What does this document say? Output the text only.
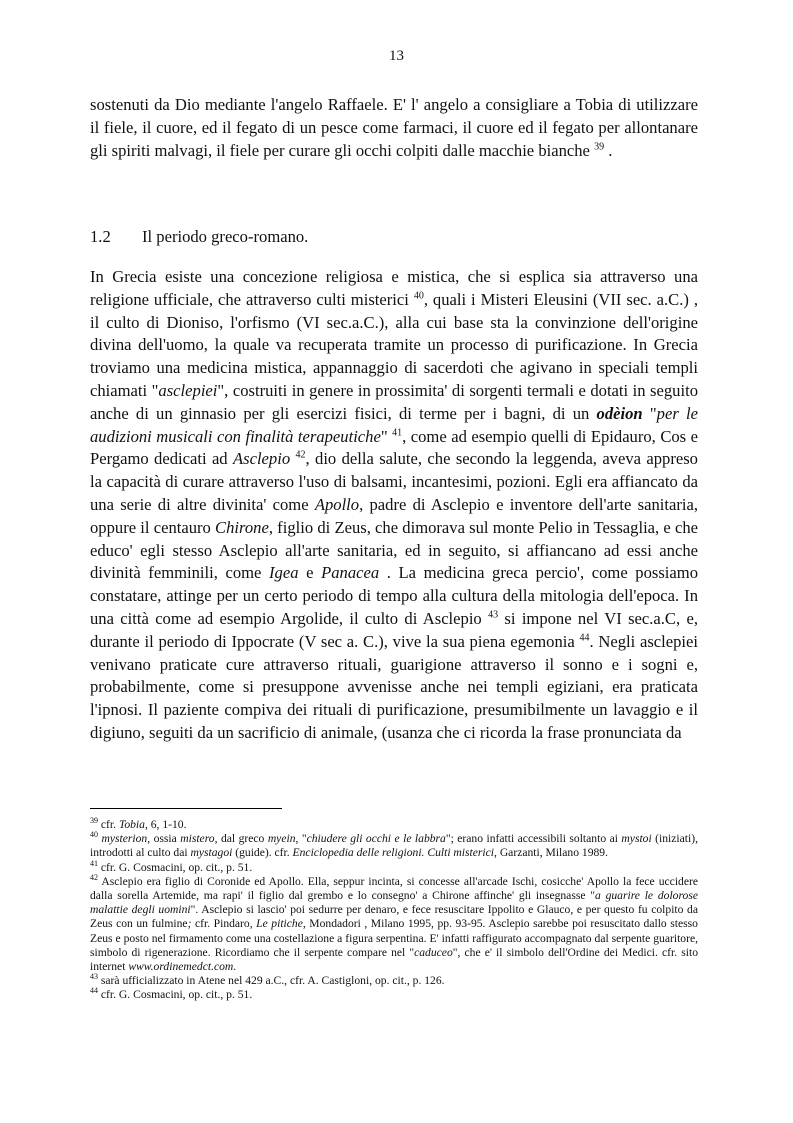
13
sostenuti da Dio mediante l'angelo Raffaele. E' l' angelo a consigliare a Tobia di utilizzare il fiele, il cuore, ed il fegato di un pesce come farmaci, il cuore ed il fegato per allontanare gli spiriti malvagi, il fiele per curare gli occhi colpiti dalle macchie bianche $^{39}$ .
1.2 Il periodo greco-romano.
In Grecia esiste una concezione religiosa e mistica, che si esplica sia attraverso una religione ufficiale, che attraverso culti misterici $^{40}$, quali i Misteri Eleusini (VII sec. a.C.) , il culto di Dioniso, l'orfismo (VI sec.a.C.), alla cui base sta la convinzione dell'origine divina dell'uomo, la quale va recuperata tramite un processo di purificazione. In Grecia troviamo una medicina mistica, appannaggio di sacerdoti che agivano in speciali templi chiamati "asclepiei", costruiti in genere in prossimita' di sorgenti termali e dotati in seguito anche di un ginnasio per gli esercizi fisici, di terme per i bagni, di un odèion "per le audizioni musicali con finalità terapeutiche" $^{41}$, come ad esempio quelli di Epidauro, Cos e Pergamo dedicati ad Asclepio $^{42}$, dio della salute, che secondo la leggenda, aveva appreso la capacità di curare attraverso l'uso di balsami, incantesimi, pozioni. Egli era affiancato da una serie di altre divinita' come Apollo, padre di Asclepio e inventore dell'arte sanitaria, oppure il centauro Chirone, figlio di Zeus, che dimorava sul monte Pelio in Tessaglia, e che educo' egli stesso Asclepio all'arte sanitaria, ed in seguito, si affiancano ad essi anche divinità femminili, come Igea e Panacea . La medicina greca percio', come possiamo constatare, attinge per un certo periodo di tempo alla cultura della mitologia dell'epoca. In una città come ad esempio Argolide, il culto di Asclepio $^{43}$ si impone nel VI sec.a.C, e, durante il periodo di Ippocrate (V sec a. C.), vive la sua piena egemonia $^{44}$. Negli asclepiei venivano praticate cure attraverso rituali, guarigione attraverso il sonno e i sogni e, probabilmente, come si presuppone avvenisse anche nei templi egiziani, era praticata l'ipnosi. Il paziente compiva dei rituali di purificazione, presumibilmente un lavaggio e il digiuno, seguiti da un sacrificio di animale, (usanza che ci ricorda la frase pronunciata da

$^{39}$ cfr. Tobia, 6, 1-10.

$^{40}$ mysterion, ossia mistero, dal greco myein, "chiudere gli occhi e le labbra"; erano infatti accessibili soltanto ai mystoi (iniziati), introdotti al culto dai mystagoi (guide). cfr. Enciclopedia delle religioni. Culti misterici, Garzanti, Milano 1989.

$^{41}$ cfr. G. Cosmacini, op. cit., p. 51.

$^{42}$ Asclepio era figlio di Coronide ed Apollo. Ella, seppur incinta, si concesse all'arcade Ischi, cosicche' Apollo la fece uccidere dalla sorella Artemide, ma rapi' il figlio dal grembo e lo consegno' a Chirone affinche' gli insegnasse "a guarire le dolorose malattie degli uomini". Asclepio si lascio' poi sedurre per denaro, e fece resuscitare Ippolito e Glauco, e per questo fu colpito da Zeus con un fulmine; cfr. Pindaro, Le pitiche, Mondadori , Milano 1995, pp. 93-95. Asclepio sarebbe poi resuscitato dallo stesso Zeus e posto nel firmamento come una costellazione a figura serpentina. E' infatti raffigurato accompagnato dal serpente guaritore, simbolo di rigenerazione. Ricordiamo che il serpente compare nel "caduceo", che e' il simbolo dell'Ordine dei Medici. cfr. sito internet www.ordinemedct.com.

$^{43}$ sarà ufficializzato in Atene nel 429 a.C., cfr. A. Castigloni, op. cit., p. 126.

$^{44}$ cfr. G. Cosmacini, op. cit., p. 51.
